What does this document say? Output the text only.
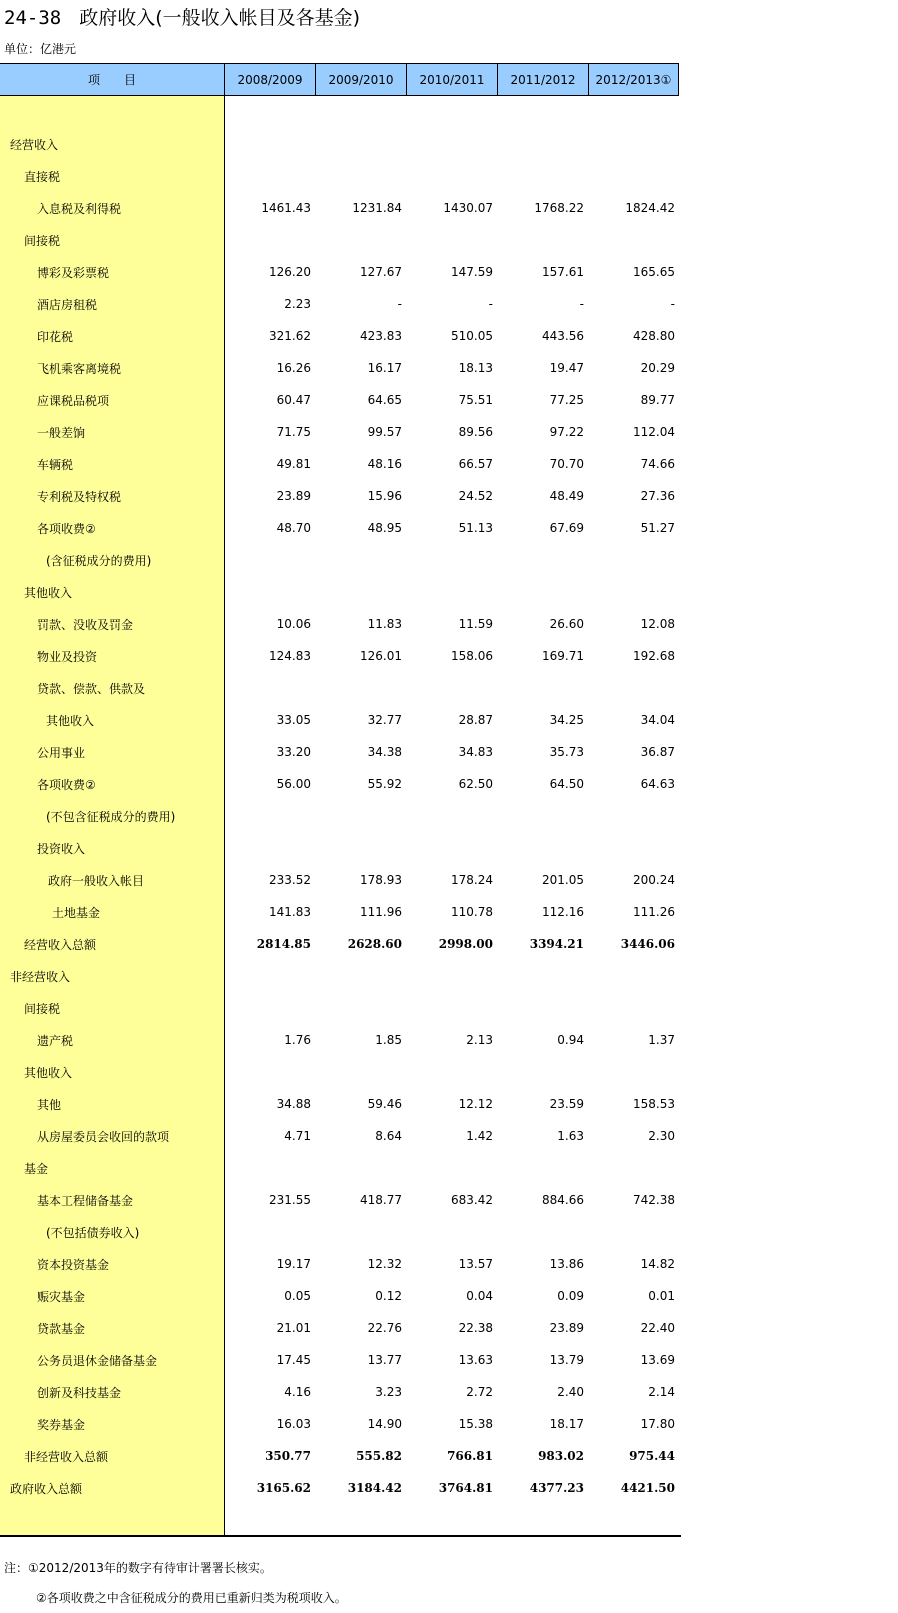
24-38 政府收入(一般收入帐目及各基金)
单位：亿港元
项　　目	2008/2009	2009/2010	2010/2011	2011/2012	2012/2013①
经营收入
直接税
入息税及利得税	1461.43	1231.84	1430.07	1768.22	1824.42
间接税
博彩及彩票税	126.20	127.67	147.59	157.61	165.65
酒店房租税	2.23	-	-	-	-
印花税	321.62	423.83	510.05	443.56	428.80
飞机乘客离境税	16.26	16.17	18.13	19.47	20.29
应课税品税项	60.47	64.65	75.51	77.25	89.77
一般差饷	71.75	99.57	89.56	97.22	112.04
车辆税	49.81	48.16	66.57	70.70	74.66
专利税及特权税	23.89	15.96	24.52	48.49	27.36
各项收费②	48.70	48.95	51.13	67.69	51.27
(含征税成分的费用)
其他收入
罚款、没收及罚金	10.06	11.83	11.59	26.60	12.08
物业及投资	124.83	126.01	158.06	169.71	192.68
贷款、偿款、供款及
其他收入	33.05	32.77	28.87	34.25	34.04
公用事业	33.20	34.38	34.83	35.73	36.87
各项收费②	56.00	55.92	62.50	64.50	64.63
(不包含征税成分的费用)
投资收入
政府一般收入帐目	233.52	178.93	178.24	201.05	200.24
土地基金	141.83	111.96	110.78	112.16	111.26
经营收入总额	2814.85	2628.60	2998.00	3394.21	3446.06
非经营收入
间接税
遗产税	1.76	1.85	2.13	0.94	1.37
其他收入
其他	34.88	59.46	12.12	23.59	158.53
从房屋委员会收回的款项	4.71	8.64	1.42	1.63	2.30
基金
基本工程储备基金	231.55	418.77	683.42	884.66	742.38
(不包括债券收入)
资本投资基金	19.17	12.32	13.57	13.86	14.82
赈灾基金	0.05	0.12	0.04	0.09	0.01
贷款基金	21.01	22.76	22.38	23.89	22.40
公务员退休金储备基金	17.45	13.77	13.63	13.79	13.69
创新及科技基金	4.16	3.23	2.72	2.40	2.14
奖券基金	16.03	14.90	15.38	18.17	17.80
非经营收入总额	350.77	555.82	766.81	983.02	975.44
政府收入总额	3165.62	3184.42	3764.81	4377.23	4421.50
注：①2012/2013年的数字有待审计署署长核实。
②各项收费之中含征税成分的费用已重新归类为税项收入。
